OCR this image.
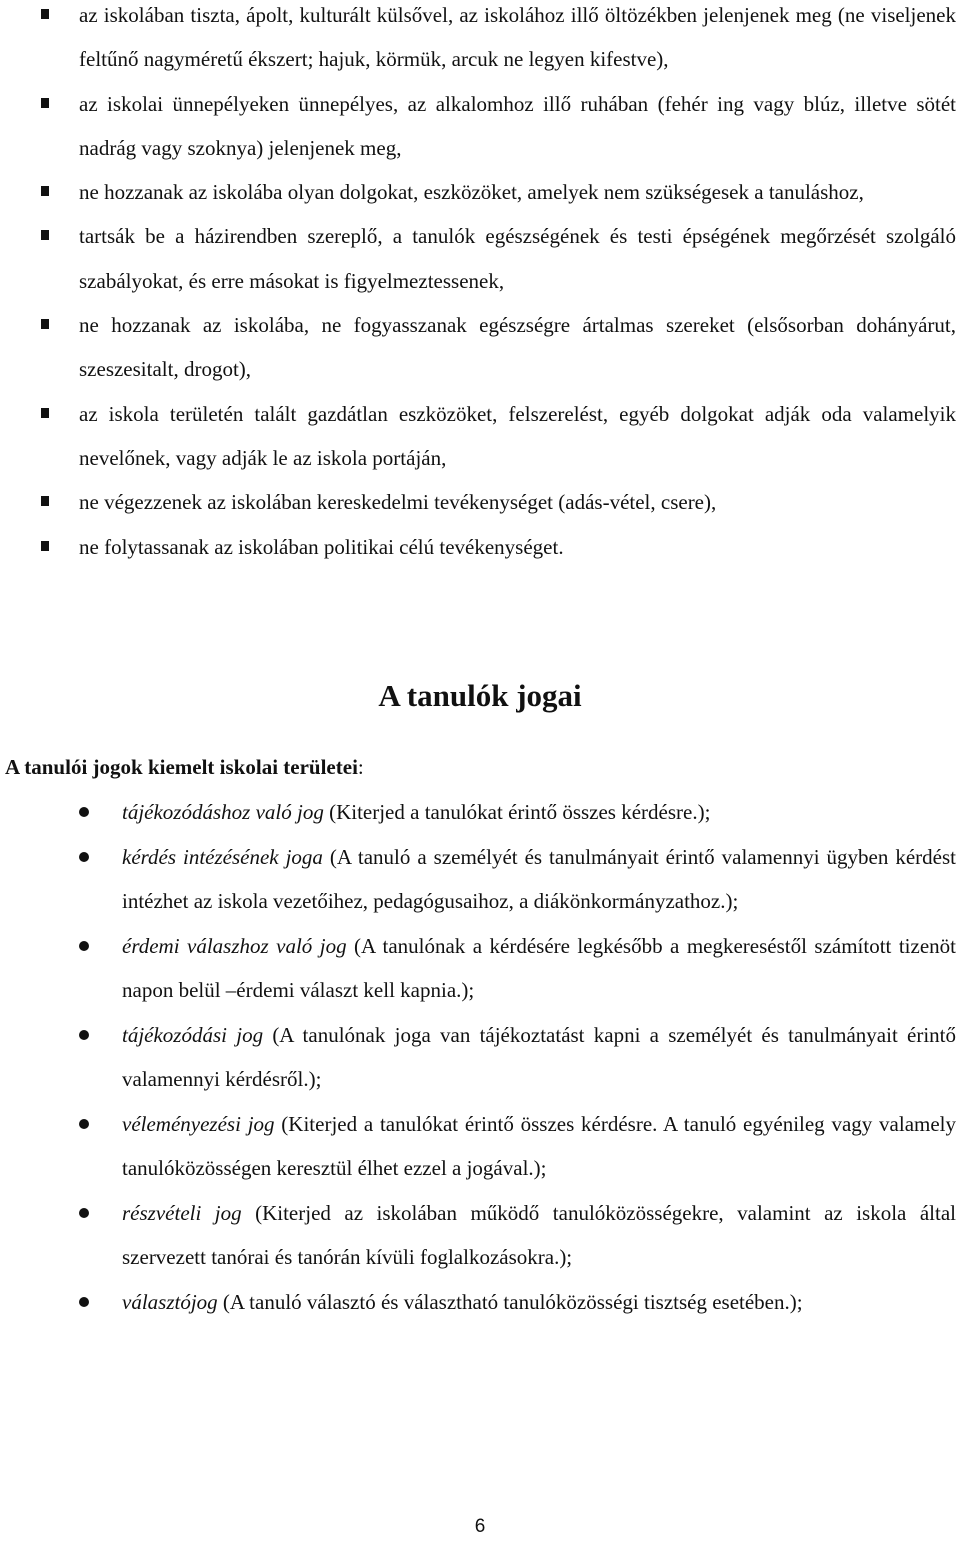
az iskolában tiszta, ápolt, kulturált külsővel, az iskolához illő öltözékben jelenjenek meg (ne viseljenek feltűnő nagyméretű ékszert; hajuk, körmük, arcuk ne legyen kifestve),
az iskolai ünnepélyeken ünnepélyes, az alkalomhoz illő ruhában (fehér ing vagy blúz, illetve sötét nadrág vagy szoknya) jelenjenek meg,
ne hozzanak az iskolába olyan dolgokat, eszközöket, amelyek nem szükségesek a tanuláshoz,
tartsák be a házirendben szereplő, a tanulók egészségének és testi épségének megőrzését szolgáló szabályokat, és erre másokat is figyelmeztessenek,
ne hozzanak az iskolába, ne fogyasszanak egészségre ártalmas szereket (elsősorban dohányárut, szeszesitalt, drogot),
az iskola területén talált gazdátlan eszközöket, felszerelést, egyéb dolgokat adják oda valamelyik nevelőnek, vagy adják le az iskola portáján,
ne végezzenek az iskolában kereskedelmi tevékenységet (adás-vétel, csere),
ne folytassanak az iskolában politikai célú tevékenységet.
A tanulók jogai
A tanulói jogok kiemelt iskolai területei:
tájékozódáshoz való jog (Kiterjed a tanulókat érintő összes kérdésre.);
kérdés intézésének joga (A tanuló a személyét és tanulmányait érintő valamennyi ügyben kérdést intézhet az iskola vezetőihez, pedagógusaihoz, a diákönkormányzathoz.);
érdemi válaszhoz való jog (A tanulónak a kérdésére legkésőbb a megkereséstől számított tizenöt napon belül –érdemi választ kell kapnia.);
tájékozódási jog (A tanulónak joga van tájékoztatást kapni a személyét és tanulmányait érintő valamennyi kérdésről.);
véleményezési jog (Kiterjed a tanulókat érintő összes kérdésre. A tanuló egyénileg vagy valamely tanulóközösségen keresztül élhet ezzel a jogával.);
részvételi jog (Kiterjed az iskolában működő tanulóközösségekre, valamint az iskola által szervezett tanórai és tanórán kívüli foglalkozásokra.);
választójog (A tanuló választó és választható tanulóközösségi tisztség esetében.);
6
